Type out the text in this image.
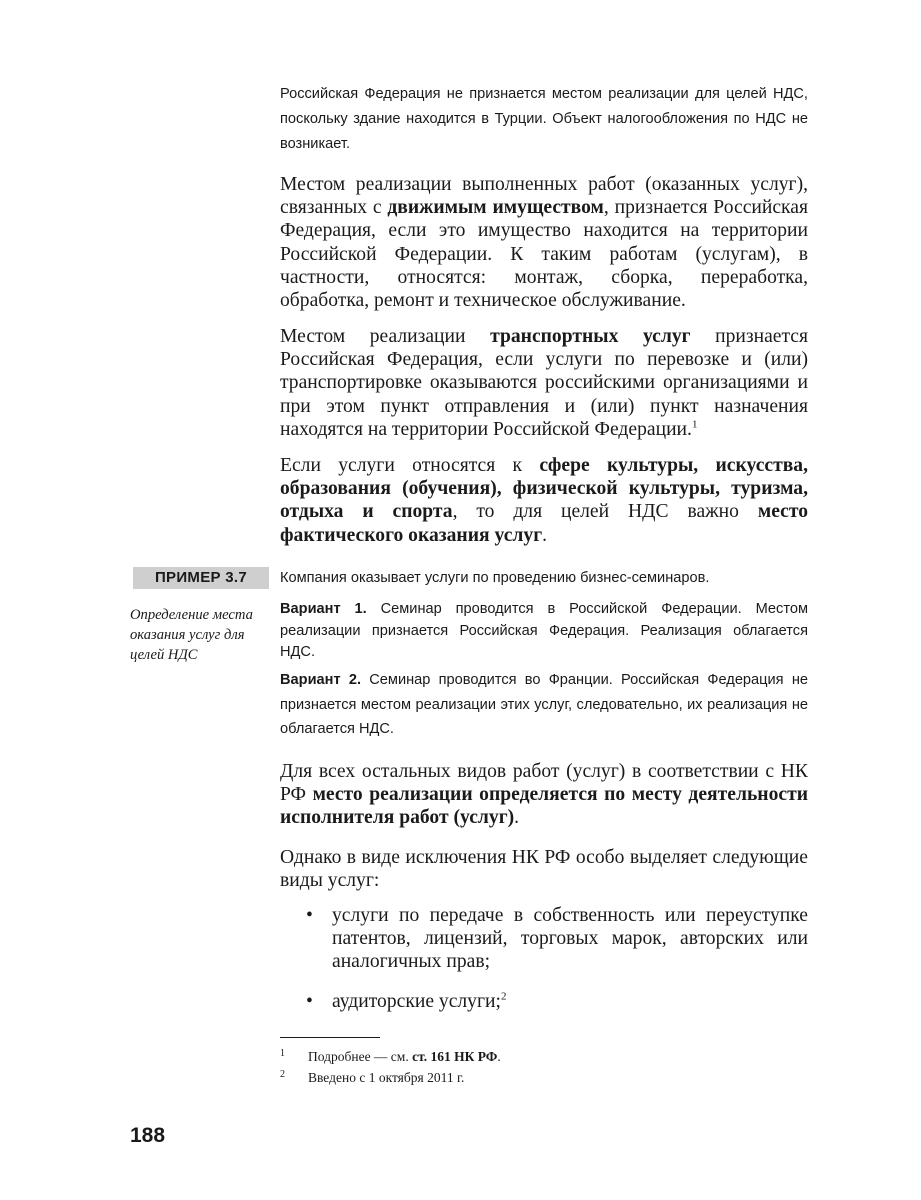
Российская Федерация не признается местом реализации для целей НДС, поскольку здание находится в Турции. Объект налогообложения по НДС не возникает.

Местом реализации выполненных работ (оказанных услуг), связанных с движимым имуществом, признается Российская Федерация, если это имущество находится на территории Российской Федерации. К таким работам (услугам), в частности, относятся: монтаж, сборка, переработка, обработка, ремонт и техническое обслуживание.

Местом реализации транспортных услуг признается Российская Федерация, если услуги по перевозке и (или) транспортировке оказываются российскими организациями и при этом пункт отправления и (или) пункт назначения находятся на территории Российской Федерации.$^1$

Если услуги относятся к сфере культуры, искусства, образования (обучения), физической культуры, туризма, отдыха и спорта, то для целей НДС важно место фактического оказания услуг.

ПРИМЕР 3.7

Определение места оказания услуг для целей НДС

Компания оказывает услуги по проведению бизнес-семинаров.

Вариант 1. Семинар проводится в Российской Федерации. Местом реализации признается Российская Федерация. Реализация облагается НДС.

Вариант 2. Семинар проводится во Франции. Российская Федерация не признается местом реализации этих услуг, следовательно, их реализация не облагается НДС.

Для всех остальных видов работ (услуг) в соответствии с НК РФ место реализации определяется по месту деятельности исполнителя работ (услуг).

Однако в виде исключения НК РФ особо выделяет следующие виды услуг:

• услуги по передаче в собственность или переуступке патентов, лицензий, торговых марок, авторских или аналогичных прав;
• аудиторские услуги;$^2$
1 Подробнее — см. ст. 161 НК РФ.
2 Введено с 1 октября 2011 г.
188
